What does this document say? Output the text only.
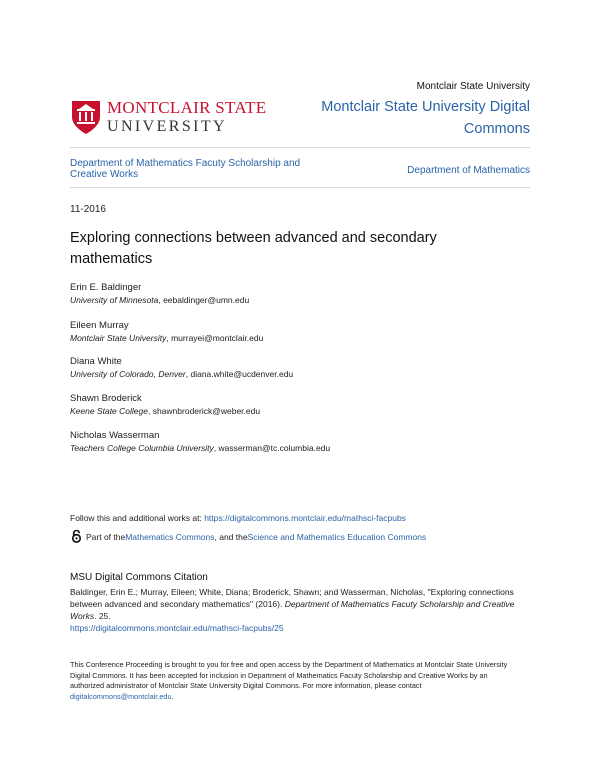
Montclair State University
Montclair State University Digital Commons
MONTCLAIR STATE
UNIVERSITY
Department of Mathematics Facuty Scholarship and Creative Works	Department of Mathematics
11-2016
Exploring connections between advanced and secondary mathematics
Erin E. Baldinger
University of Minnesota, eebaldinger@umn.edu
Eileen Murray
Montclair State University, murrayei@montclair.edu
Diana White
University of Colorado, Denver, diana.white@ucdenver.edu
Shawn Broderick
Keene State College, shawnbroderick@weber.edu
Nicholas Wasserman
Teachers College Columbia University, wasserman@tc.columbia.edu
Follow this and additional works at: https://digitalcommons.montclair.edu/mathsci-facpubs
Part of the Mathematics Commons , and the Science and Mathematics Education Commons
MSU Digital Commons Citation
Baldinger, Erin E.; Murray, Eileen; White, Diana; Broderick, Shawn; and Wasserman, Nicholas, "Exploring connections between advanced and secondary mathematics" (2016). Department of Mathematics Facuty Scholarship and Creative Works. 25.
https://digitalcommons.montclair.edu/mathsci-facpubs/25
This Conference Proceeding is brought to you for free and open access by the Department of Mathematics at Montclair State University Digital Commons. It has been accepted for inclusion in Department of Mathematics Facuty Scholarship and Creative Works by an authorized administrator of Montclair State University Digital Commons. For more information, please contact digitalcommons@montclair.edu.
